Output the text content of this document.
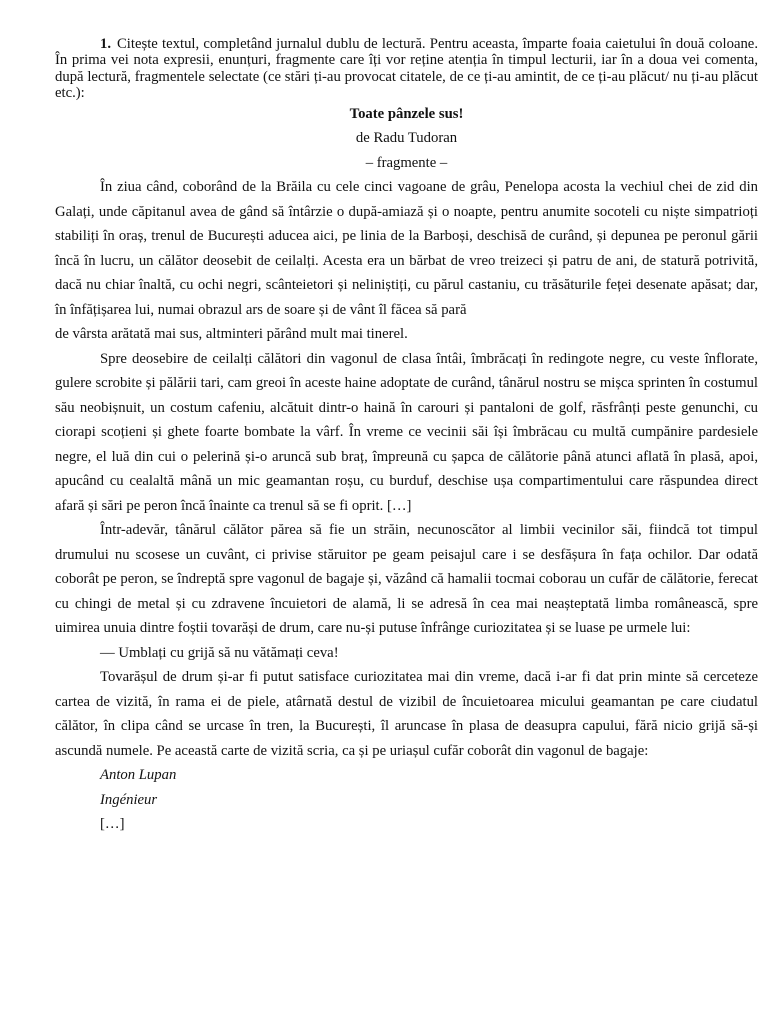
1. Citește textul, completând jurnalul dublu de lectură. Pentru aceasta, împarte foaia caietului în două coloane. În prima vei nota expresii, enunțuri, fragmente care îți vor reține atenția în timpul lecturii, iar în a doua vei comenta, după lectură, fragmentele selectate (ce stări ți-au provocat citatele, de ce ți-au amintit, de ce ți-au plăcut/ nu ți-au plăcut etc.):

Toate pânzele sus!

de Radu Tudoran

– fragmente –

În ziua când, coborând de la Brăila cu cele cinci vagoane de grâu, Penelopa acosta la vechiul chei de zid din Galați, unde căpitanul avea de gând să întârzie o după-amiază și o noapte, pentru anumite socoteli cu niște simpatrioți stabiliți în oraș, trenul de București aducea aici, pe linia de la Barboși, deschisă de curând, și depunea pe peronul gării încă în lucru, un călător deosebit de ceilalți. Acesta era un bărbat de vreo treizeci și patru de ani, de statură potrivită, dacă nu chiar înaltă, cu ochi negri, scânteietori și neliniștiți, cu părul castaniu, cu trăsăturile feței desenate apăsat; dar, în înfățișarea lui, numai obrazul ars de soare și de vânt îl făcea să pară

de vârsta arătată mai sus, altminteri părând mult mai tinerel.

Spre deosebire de ceilalți călători din vagonul de clasa întâi, îmbrăcați în redingote negre, cu veste înflorate, gulere scrobite și pălării tari, cam greoi în aceste haine adoptate de curând, tânărul nostru se mișca sprinten în costumul său neobișnuit, un costum cafeniu, alcătuit dintr-o haină în carouri și pantaloni de golf, răsfrânți peste genunchi, cu ciorapi scoțieni și ghete foarte bombate la vârf. În vreme ce vecinii săi își îmbrăcau cu multă cumpănire pardesiele negre, el luă din cui o pelerină și-o aruncă sub braț, împreună cu șapca de călătorie până atunci aflată în plasă, apoi, apucând cu cealaltă mână un mic geamantan roșu, cu burduf, deschise ușa compartimentului care răspundea direct afară și sări pe peron încă înainte ca trenul să se fi oprit. […]

Într-adevăr, tânărul călător părea să fie un străin, necunoscător al limbii vecinilor săi, fiindcă tot timpul drumului nu scosese un cuvânt, ci privise stăruitor pe geam peisajul care i se desfășura în fața ochilor. Dar odată coborât pe peron, se îndreptă spre vagonul de bagaje și, văzând că hamalii tocmai coborau un cufăr de călătorie, ferecat cu chingi de metal și cu zdravene încuietori de alamă, li se adresă în cea mai neașteptată limba românească, spre uimirea unuia dintre foștii tovarăși de drum, care nu-și putuse înfrânge curiozitatea și se luase pe urmele lui:

— Umblați cu grijă să nu vătămați ceva!

Tovarășul de drum și-ar fi putut satisface curiozitatea mai din vreme, dacă i-ar fi dat prin minte să cerceteze cartea de vizită, în rama ei de piele, atârnată destul de vizibil de încuietoarea micului geamantan pe care ciudatul călător, în clipa când se urcase în tren, la București, îl aruncase în plasa de deasupra capului, fără nicio grijă să-și ascundă numele. Pe această carte de vizită scria, ca și pe uriașul cufăr coborât din vagonul de bagaje:

Anton Lupan

Ingénieur

[…]
